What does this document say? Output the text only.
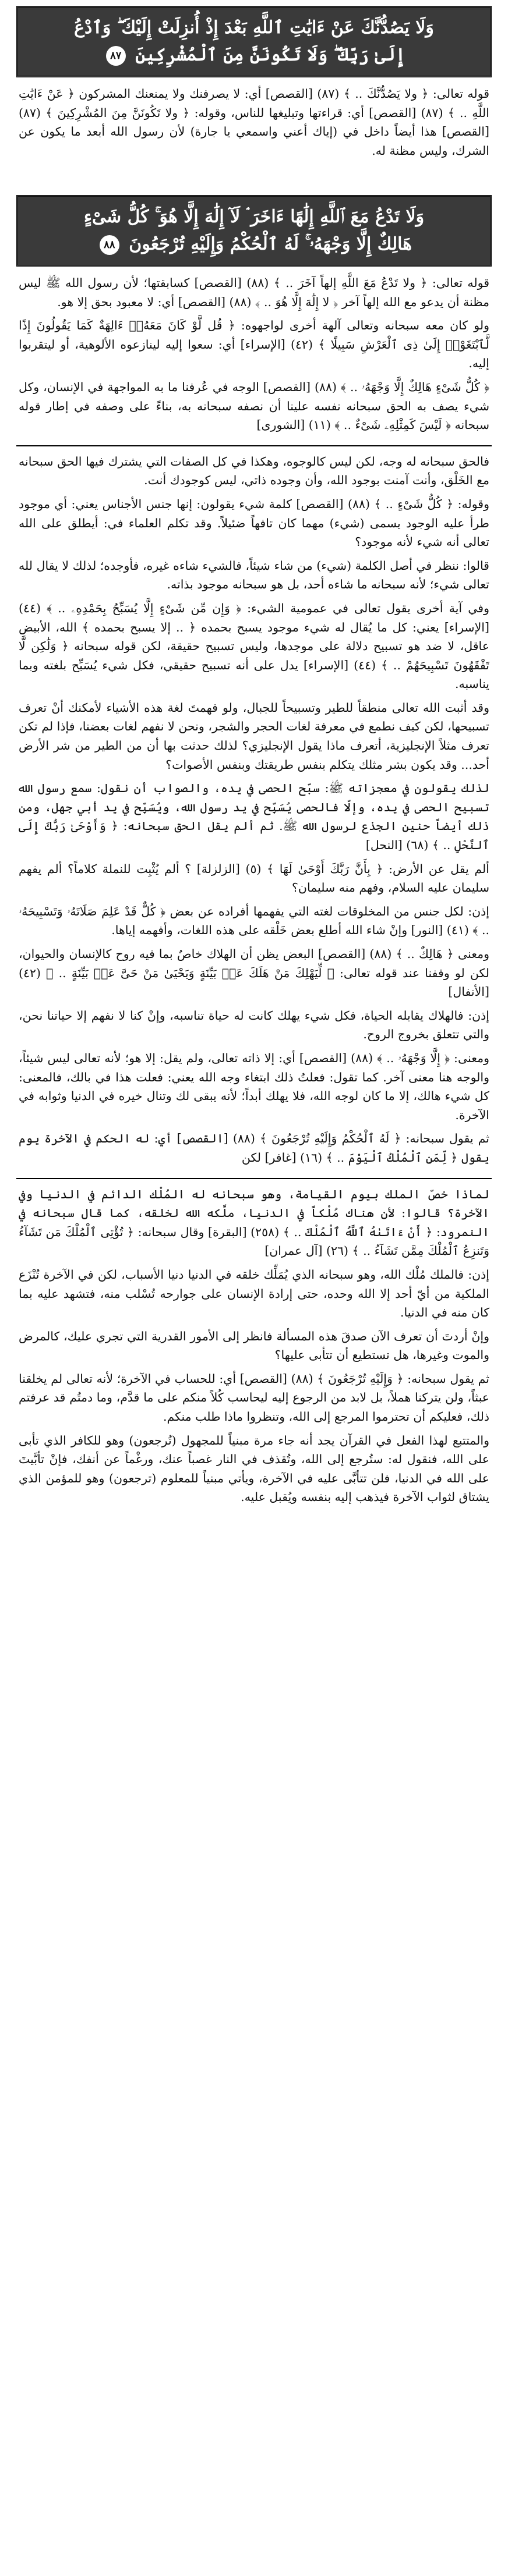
وَلَا يَصُدُّنَّكَ عَنْ ءَايَٰتِ ٱللَّهِ بَعْدَ إِذْ أُنزِلَتْ إِلَيْكَ ۖ وَٱدْعُ
إِلَىٰ رَبِّكَ ۖ وَلَا تَكُونَنَّ مِنَ ٱلْمُشْرِكِينَ ٨٧

قوله تعالى: ﴿ ولا يَصُدُّنَّكَ .. ﴾ (٨٧) [القصص] أي: لا يصرفنك ولا يمنعنك المشركون ﴿ عَنْ ءَايَٰتِ اللَّهِ .. ﴾ (٨٧) [القصص] أي: قراءتها وتبليغها للناس، وقوله: ﴿ ولا تَكُونَنَّ مِنَ المُشْرِكِينَ ﴾ (٨٧) [القصص] هذا أيضاً داخل في (إياك أعني واسمعي يا جارة) لأن رسول الله أبعد ما يكون عن الشرك، وليس مظنة له.

وَلَا تَدْعُ مَعَ ٱللَّهِ إِلَٰهًا ءَاخَرَ ۘ لَآ إِلَٰهَ إِلَّا هُوَ ۚ كُلُّ شَىْءٍ
هَالِكٌ إِلَّا وَجْهَهُۥ ۚ لَهُ ٱلْحُكْمُ وَإِلَيْهِ تُرْجَعُونَ ٨٨

قوله تعالى: ﴿ ولا تَدْعُ مَعَ اللَّهِ إلهاً آخَرَ .. ﴾ (٨٨) [القصص] كسابقتها؛ لأن رسول الله ﷺ ليس مظنة أن يدعو مع الله إلهاً آخر ﴿ لا إِلَٰهَ إِلَّا هُوَ .. ﴾ (٨٨) [القصص] أي: لا معبود بحق إلا هو.

ولو كان معه سبحانه وتعالى آلهة أخرى لواجهوه: ﴿ قُل لَّوْ كَانَ مَعَهُۥٓ ءَالِهَةٌ كَمَا يَقُولُونَ إِذًا لَّٱبْتَغَوْا۟ إِلَىٰ ذِى ٱلْعَرْشِ سَبِيلًا ﴾ (٤٢) [الإسراء] أي: سعوا إليه لينازعوه الألوهية، أو ليتقربوا إليه.

﴿ كُلُّ شَىْءٍ هَالِكٌ إِلَّا وَجْهَهُۥ .. ﴾ (٨٨) [القصص] الوجه في عُرفنا ما به المواجهة في الإنسان، وكل شيء يصف به الحق سبحانه نفسه علينا أن نصفه سبحانه به، بناءً على وصفه في إطار قوله سبحانه ﴿ لَيْسَ كَمِثْلِهِۦ شَىْءٌ .. ﴾ (١١) [الشورى]

فالحق سبحانه له وجه، لكن ليس كالوجوه، وهكذا في كل الصفات التي يشترك فيها الحق سبحانه مع الخَلْق، وأنت آمنت بوجود الله، وأن وجوده ذاتي، ليس كوجودك أنت.

وقوله: ﴿ كُلُّ شَىْءٍ .. ﴾ (٨٨) [القصص] كلمة شيء يقولون: إنها جنس الأجناس يعني: أي موجود طرأ عليه الوجود يسمى (شيء) مهما كان تافهاً ضئيلاً. وقد تكلم العلماء في: أيطلق على الله تعالى أنه شيء لأنه موجود؟

قالوا: ننظر في أصل الكلمة (شيء) من شاء شيئاً، فالشيء شاءه غيره، فأوجده؛ لذلك لا يقال لله تعالى شيء؛ لأنه سبحانه ما شاءه أحد، بل هو سبحانه موجود بذاته.

وفي آية أخرى يقول تعالى في عمومية الشيء: ﴿ وَإِن مِّن شَىْءٍ إِلَّا يُسَبِّحُ بِحَمْدِهِۦ .. ﴾ (٤٤) [الإسراء] يعني: كل ما يُقال له شيء موجود يسبح بحمده ﴿ .. إلا يسبح بحمده ﴾ الله، الأبيض عاقل، لا ضد هو تسبيح دلالة على موجدها، وليس تسبيح حقيقة، لكن قوله سبحانه ﴿ وَلَٰكِن لَّا تَفْقَهُونَ تَسْبِيحَهُمْ .. ﴾ (٤٤) [الإسراء] يدل على أنه تسبيح حقيقي، فكل شيء يُسَبِّح بلغته وبما يناسبه.

وقد أثبت الله تعالى منطقاً للطير وتسبيحاً للجبال، ولو فهمتَ لغة هذه الأشياء لأمكنك أنْ تعرف تسبيحها، لكن كيف نطمع في معرفة لغات الحجر والشجر، ونحن لا نفهم لغات بعضنا، فإذا لم تكن تعرف مثلاً الإنجليزية، أتعرف ماذا يقول الإنجليزي؟ لذلك حدثت بها أن من الطير من شر الأرض أحد... وقد يكون بشر مثلك يتكلم بنفس طريقتك وبنفس الأصوات؟

لذلك يقولون في معجزاته ﷺ: سبّح الحصى في يده، والصواب أن نقول: سمع رسول الله تسبيح الحصى في يده، وإلّا فالحصى يُسَبِّح في يد رسول الله، ويُسَبِّح في يد أبي جهل، ومن ذلك أيضاً حنين الجذع لرسول الله ﷺ. ثم ألم يقل الحق سبحانه: ﴿ وَأَوْحَىٰ رَبُّكَ إِلَى ٱلنَّحْلِ .. ﴾ (٦٨) [النحل]

ألم يقل عن الأرض: ﴿ بِأَنَّ رَبَّكَ أَوْحَىٰ لَهَا ﴾ (٥) [الزلزلة] ؟ ألم يُثْبِت للنملة كلاماً؟ ألم يفهم سليمان عليه السلام، وفهم منه سليمان؟

إذن: لكل جنس من المخلوقات لغته التي يفهمها أفراده عن بعض ﴿ كُلٌّ قَدْ عَلِمَ صَلَاتَهُۥ وَتَسْبِيحَهُۥ .. ﴾ (٤١) [النور] وإنْ شاء الله أطلع بعض خَلْقه على هذه اللغات، وأفهمه إياها.

ومعنى ﴿ هَالِكٌ .. ﴾ (٨٨) [القصص] البعض يظن أن الهلاك خاصٌ بما فيه روح كالإنسان والحيوان، لكن لو وقفنا عند قوله تعالى: ﴿ لِّيَهْلِكَ مَنْ هَلَكَ عَنۢ بَيِّنَةٍ وَيَحْيَىٰ مَنْ حَىَّ عَنۢ بَيِّنَةٍ .. ﴾ (٤٢) [الأنفال]

إذن: فالهلاك يقابله الحياة، فكل شيء يهلك كانت له حياة تناسبه، وإنْ كنا لا نفهم إلا حياتنا نحن، والتي تتعلق بخروج الروح.

ومعنى: ﴿ إِلَّا وَجْهَهُۥ .. ﴾ (٨٨) [القصص] أي: إلا ذاته تعالى، ولم يقل: إلا هو؛ لأنه تعالى ليس شيئاً، والوجه هنا معنى آخر. كما تقول: فعلتُ ذلك ابتغاء وجه الله يعني: فعلت هذا في بالك، فالمعنى: كل شيء هالك، إلا ما كان لوجه الله، فلا يهلك أبداً؛ لأنه يبقى لك وتنال خيره في الدنيا وثوابه في الآخرة.

ثم يقول سبحانه: ﴿ لَهُ ٱلْحُكْمُ وَإِلَيْهِ تُرْجَعُونَ ﴾ (٨٨) [القصص] أي: له الحكم في الآخرة يوم يقول ﴿ لِّمَنِ ٱلْمُلْكُ ٱلْيَوْمَ .. ﴾ (١٦) [غافر] لكن

لماذا خصّ الملك بيوم القيامة، وهو سبحانه له المُلْك الدائم في الدنيا وفي الآخرة؟ قالوا: لأن هناك مُلْكاً في الدنيا، ملَّكه الله لخلقه، كما قال سبحانه في النمرود: ﴿ أَنْ ءَاتَىٰهُ ٱللَّهُ ٱلْمُلْكَ .. ﴾ (٢٥٨) [البقرة] وقال سبحانه: ﴿ تُؤْتِى ٱلْمُلْكَ مَن تَشَآءُ وَتَنزِعُ ٱلْمُلْكَ مِمَّن تَشَآءُ .. ﴾ (٢٦) [آل عمران]

إذن: فالملك مُلْك الله، وهو سبحانه الذي يُمَلِّك خلقه في الدنيا دنيا الأسباب، لكن في الآخرة تُنْزَع الملكية من أيّ أحد إلا الله وحده، حتى إرادة الإنسان على جوارحه تُسْلب منه، فتشهد عليه بما كان منه في الدنيا.

وإنْ أردتَ أن تعرف الآن صدقَ هذه المسألة فانظر إلى الأمور القدرية التي تجري عليك، كالمرض والموت وغيرها، هل تستطيع أن تتأبى عليها؟

ثم يقول سبحانه: ﴿ وَإِلَيْهِ تُرْجَعُونَ ﴾ (٨٨) [القصص] أي: للحساب في الآخرة؛ لأنه تعالى لم يخلقنا عبثاً، ولن يتركنا هملاً، بل لابد من الرجوع إليه ليحاسب كُلاً منكم على ما قدَّم، وما دمتُم قد عرفتم ذلك، فعليكم أن تحترموا المرجع إلى الله، وتنظروا ماذا طلب منكم.

والمتتبع لهذا الفعل في القرآن يجد أنه جاء مرة مبنياً للمجهول (تُرجعون) وهو للكافر الذي تأبى على الله، فنقول له: ستُرجع إلى الله، وتُقذف في النار غصباً عنك، ورغْماً عن أنفك، فإنْ تأبَّيتَ على الله في الدنيا، فلن تتأبَّى عليه في الآخرة، ويأتي مبنياً للمعلوم (ترجعون) وهو للمؤمن الذي يشتاق لثواب الآخرة فيذهب إليه بنفسه ويُقبل عليه.
